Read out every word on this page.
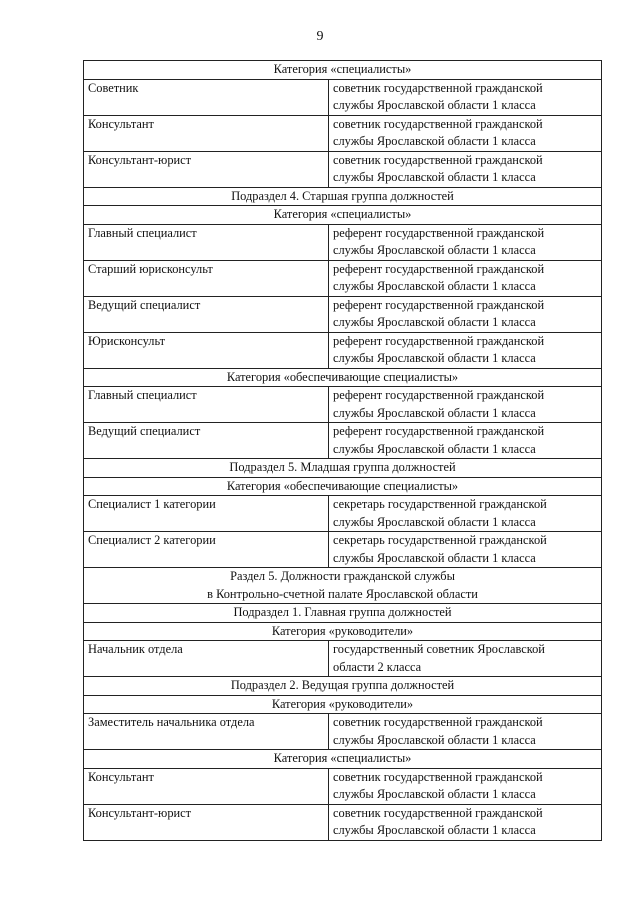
9
Категория «специалисты»	
Советник	советник государственной гражданской
службы Ярославской области 1 класса

Консультант	советник государственной гражданской
службы Ярославской области 1 класса

Консультант-юрист	советник государственной гражданской
службы Ярославской области 1 класса

Подраздел 4. Старшая группа должностей	
Категория «специалисты»	
Главный специалист	референт государственной гражданской
службы Ярославской области 1 класса

Старший юрисконсульт	референт государственной гражданской
службы Ярославской области 1 класса

Ведущий специалист	референт государственной гражданской
службы Ярославской области 1 класса

Юрисконсульт	референт государственной гражданской
службы Ярославской области 1 класса

Категория «обеспечивающие специалисты»	
Главный специалист	референт государственной гражданской
службы Ярославской области 1 класса

Ведущий специалист	референт государственной гражданской
службы Ярославской области 1 класса

Подраздел 5. Младшая группа должностей	
Категория «обеспечивающие специалисты»	
Специалист 1 категории	секретарь государственной гражданской
службы Ярославской области 1 класса

Специалист 2 категории	секретарь государственной гражданской
службы Ярославской области 1 класса

Раздел 5. Должности гражданской службы
в Контрольно-счетной палате Ярославской области	

Подраздел 1. Главная группа должностей	
Категория «руководители»	
Начальник отдела	государственный советник Ярославской
области 2 класса

Подраздел 2. Ведущая группа должностей	
Категория «руководители»	
Заместитель начальника отдела	советник государственной гражданской
службы Ярославской области 1 класса

Категория «специалисты»	
Консультант	советник государственной гражданской
службы Ярославской области 1 класса

Консультант-юрист	советник государственной гражданской
службы Ярославской области 1 класса
